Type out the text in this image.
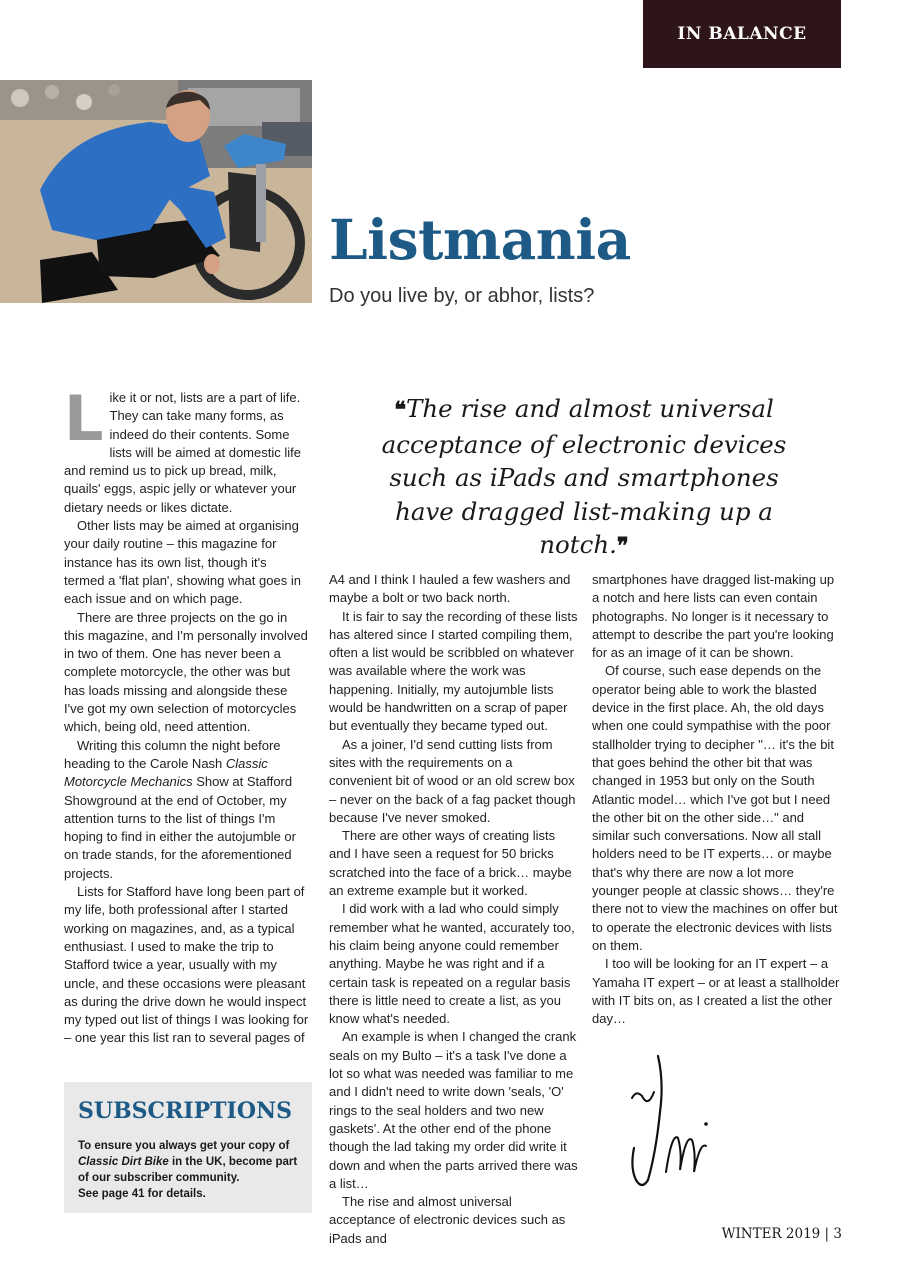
IN BALANCE
Listmania
Do you live by, or abhor, lists?
L ike it or not, lists are a part of life. They can take many forms, as indeed do their contents. Some lists will be aimed at domestic life and remind us to pick up bread, milk, quails' eggs, aspic jelly or whatever your dietary needs or likes dictate.

Other lists may be aimed at organising your daily routine – this magazine for instance has its own list, though it's termed a 'flat plan', showing what goes in each issue and on which page.

There are three projects on the go in this magazine, and I'm personally involved in two of them. One has never been a complete motorcycle, the other was but has loads missing and alongside these I've got my own selection of motorcycles which, being old, need attention.

Writing this column the night before heading to the Carole Nash Classic Motorcycle Mechanics Show at Stafford Showground at the end of October, my attention turns to the list of things I'm hoping to find in either the autojumble or on trade stands, for the aforementioned projects.

Lists for Stafford have long been part of my life, both professional after I started working on magazines, and, as a typical enthusiast. I used to make the trip to Stafford twice a year, usually with my uncle, and these occasions were pleasant as during the drive down he would inspect my typed out list of things I was looking for – one year this list ran to several pages of

❝The rise and almost universal acceptance of electronic devices such as iPads and smartphones have dragged list-making up a notch.❞

A4 and I think I hauled a few washers and maybe a bolt or two back north.

It is fair to say the recording of these lists has altered since I started compiling them, often a list would be scribbled on whatever was available where the work was happening. Initially, my autojumble lists would be handwritten on a scrap of paper but eventually they became typed out.

As a joiner, I'd send cutting lists from sites with the requirements on a convenient bit of wood or an old screw box – never on the back of a fag packet though because I've never smoked.

There are other ways of creating lists and I have seen a request for 50 bricks scratched into the face of a brick… maybe an extreme example but it worked.

I did work with a lad who could simply remember what he wanted, accurately too, his claim being anyone could remember anything. Maybe he was right and if a certain task is repeated on a regular basis there is little need to create a list, as you know what's needed.

An example is when I changed the crank seals on my Bulto – it's a task I've done a lot so what was needed was familiar to me and I didn't need to write down 'seals, 'O' rings to the seal holders and two new gaskets'. At the other end of the phone though the lad taking my order did write it down and when the parts arrived there was a list…

The rise and almost universal acceptance of electronic devices such as iPads and

smartphones have dragged list-making up a notch and here lists can even contain photographs. No longer is it necessary to attempt to describe the part you're looking for as an image of it can be shown.

Of course, such ease depends on the operator being able to work the blasted device in the first place. Ah, the old days when one could sympathise with the poor stallholder trying to decipher "… it's the bit that goes behind the other bit that was changed in 1953 but only on the South Atlantic model… which I've got but I need the other bit on the other side…" and similar such conversations. Now all stall holders need to be IT experts… or maybe that's why there are now a lot more younger people at classic shows… they're there not to view the machines on offer but to operate the electronic devices with lists on them.

I too will be looking for an IT expert – a Yamaha IT expert – or at least a stallholder with IT bits on, as I created a list the other day…

SUBSCRIPTIONS
To ensure you always get your copy of Classic Dirt Bike in the UK, become part of our subscriber community.
See page 41 for details.
WINTER 2019 | 3
